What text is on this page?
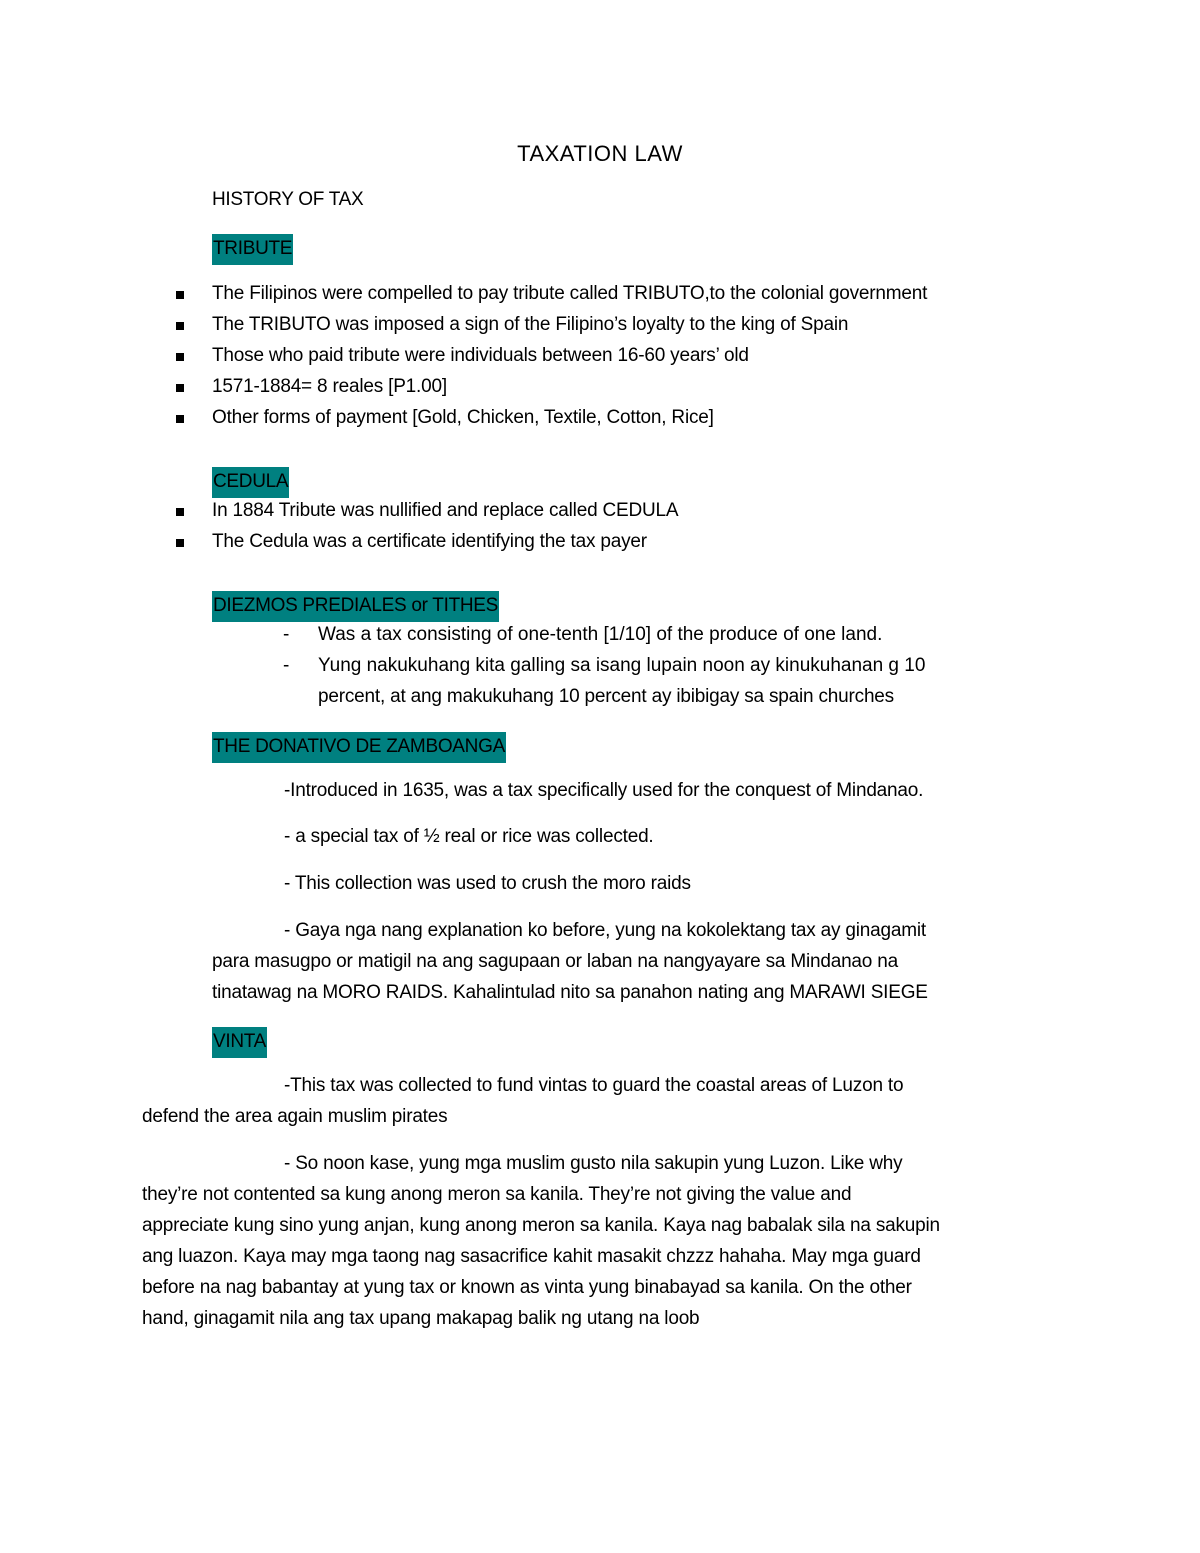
TAXATION LAW
HISTORY OF TAX
TRIBUTE
The Filipinos were compelled to pay tribute called TRIBUTO,to the colonial government
The TRIBUTO was imposed a sign of the Filipino’s loyalty to the king of Spain
Those who paid tribute were individuals between 16-60 years’ old
1571-1884= 8 reales [P1.00]
Other forms of payment [Gold, Chicken, Textile, Cotton, Rice]
CEDULA
In 1884 Tribute was nullified and replace called CEDULA
The Cedula was a certificate identifying the tax payer
DIEZMOS PREDIALES or TITHES
- Was a tax consisting of one-tenth [1/10] of the produce of one land.
- Yung nakukuhang kita galling sa isang lupain noon ay kinukuhanan g 10
percent, at ang makukuhang 10 percent ay ibibigay sa spain churches
THE DONATIVO DE ZAMBOANGA
-Introduced in 1635, was a tax specifically used for the conquest of Mindanao.
- a special tax of ½ real or rice was collected.
- This collection was used to crush the moro raids
- Gaya nga nang explanation ko before, yung na kokolektang tax ay ginagamit
para masugpo or matigil na ang sagupaan or laban na nangyayare sa Mindanao na
tinatawag na MORO RAIDS. Kahalintulad nito sa panahon nating ang MARAWI SIEGE
VINTA
-This tax was collected to fund vintas to guard the coastal areas of Luzon to
defend the area again muslim pirates
- So noon kase, yung mga muslim gusto nila sakupin yung Luzon. Like why
they’re not contented sa kung anong meron sa kanila. They’re not giving the value and
appreciate kung sino yung anjan, kung anong meron sa kanila. Kaya nag babalak sila na sakupin
ang luazon. Kaya may mga taong nag sasacrifice kahit masakit chzzz hahaha. May mga guard
before na nag babantay at yung tax or known as vinta yung binabayad sa kanila. On the other
hand, ginagamit nila ang tax upang makapag balik ng utang na loob
